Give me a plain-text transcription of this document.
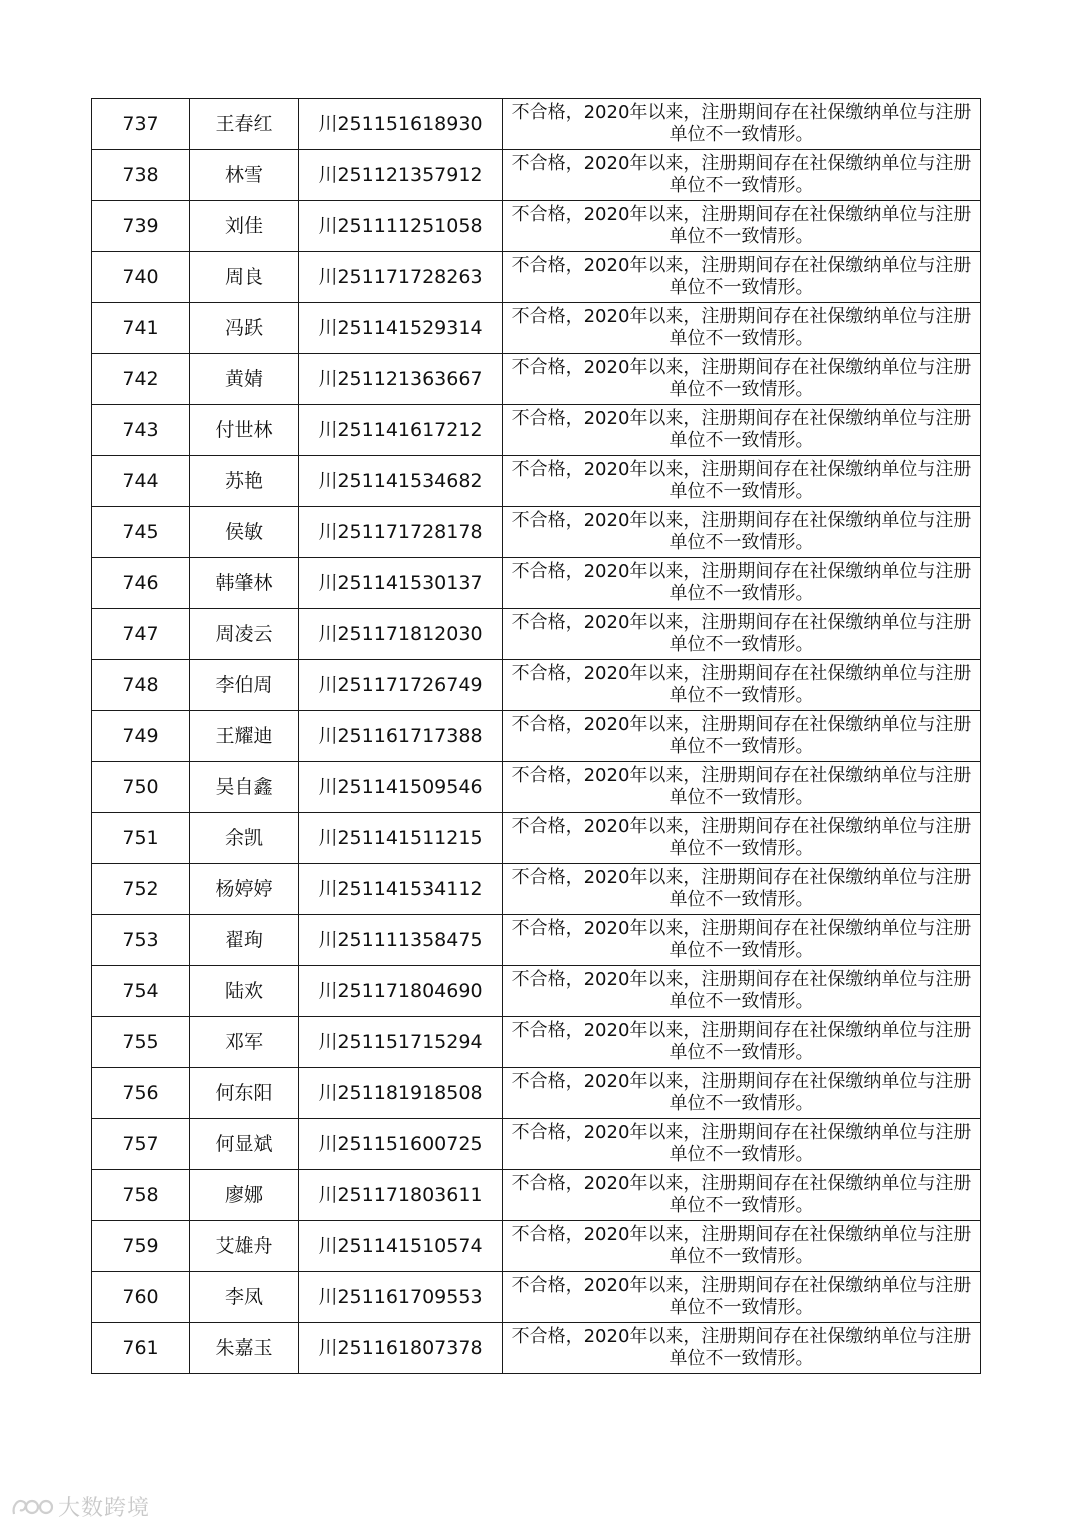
737	王春红	川251151618930	不合格，2020年以来，注册期间存在社保缴纳单位与注册单位不一致情形。
738	林雪	川251121357912	不合格，2020年以来，注册期间存在社保缴纳单位与注册单位不一致情形。
739	刘佳	川251111251058	不合格，2020年以来，注册期间存在社保缴纳单位与注册单位不一致情形。
740	周良	川251171728263	不合格，2020年以来，注册期间存在社保缴纳单位与注册单位不一致情形。
741	冯跃	川251141529314	不合格，2020年以来，注册期间存在社保缴纳单位与注册单位不一致情形。
742	黄婧	川251121363667	不合格，2020年以来，注册期间存在社保缴纳单位与注册单位不一致情形。
743	付世林	川251141617212	不合格，2020年以来，注册期间存在社保缴纳单位与注册单位不一致情形。
744	苏艳	川251141534682	不合格，2020年以来，注册期间存在社保缴纳单位与注册单位不一致情形。
745	侯敏	川251171728178	不合格，2020年以来，注册期间存在社保缴纳单位与注册单位不一致情形。
746	韩肇林	川251141530137	不合格，2020年以来，注册期间存在社保缴纳单位与注册单位不一致情形。
747	周凌云	川251171812030	不合格，2020年以来，注册期间存在社保缴纳单位与注册单位不一致情形。
748	李伯周	川251171726749	不合格，2020年以来，注册期间存在社保缴纳单位与注册单位不一致情形。
749	王耀迪	川251161717388	不合格，2020年以来，注册期间存在社保缴纳单位与注册单位不一致情形。
750	吴自鑫	川251141509546	不合格，2020年以来，注册期间存在社保缴纳单位与注册单位不一致情形。
751	余凯	川251141511215	不合格，2020年以来，注册期间存在社保缴纳单位与注册单位不一致情形。
752	杨婷婷	川251141534112	不合格，2020年以来，注册期间存在社保缴纳单位与注册单位不一致情形。
753	翟珣	川251111358475	不合格，2020年以来，注册期间存在社保缴纳单位与注册单位不一致情形。
754	陆欢	川251171804690	不合格，2020年以来，注册期间存在社保缴纳单位与注册单位不一致情形。
755	邓军	川251151715294	不合格，2020年以来，注册期间存在社保缴纳单位与注册单位不一致情形。
756	何东阳	川251181918508	不合格，2020年以来，注册期间存在社保缴纳单位与注册单位不一致情形。
757	何显斌	川251151600725	不合格，2020年以来，注册期间存在社保缴纳单位与注册单位不一致情形。
758	廖娜	川251171803611	不合格，2020年以来，注册期间存在社保缴纳单位与注册单位不一致情形。
759	艾雄舟	川251141510574	不合格，2020年以来，注册期间存在社保缴纳单位与注册单位不一致情形。
760	李凤	川251161709553	不合格，2020年以来，注册期间存在社保缴纳单位与注册单位不一致情形。
761	朱嘉玉	川251161807378	不合格，2020年以来，注册期间存在社保缴纳单位与注册单位不一致情形。
大数跨境
